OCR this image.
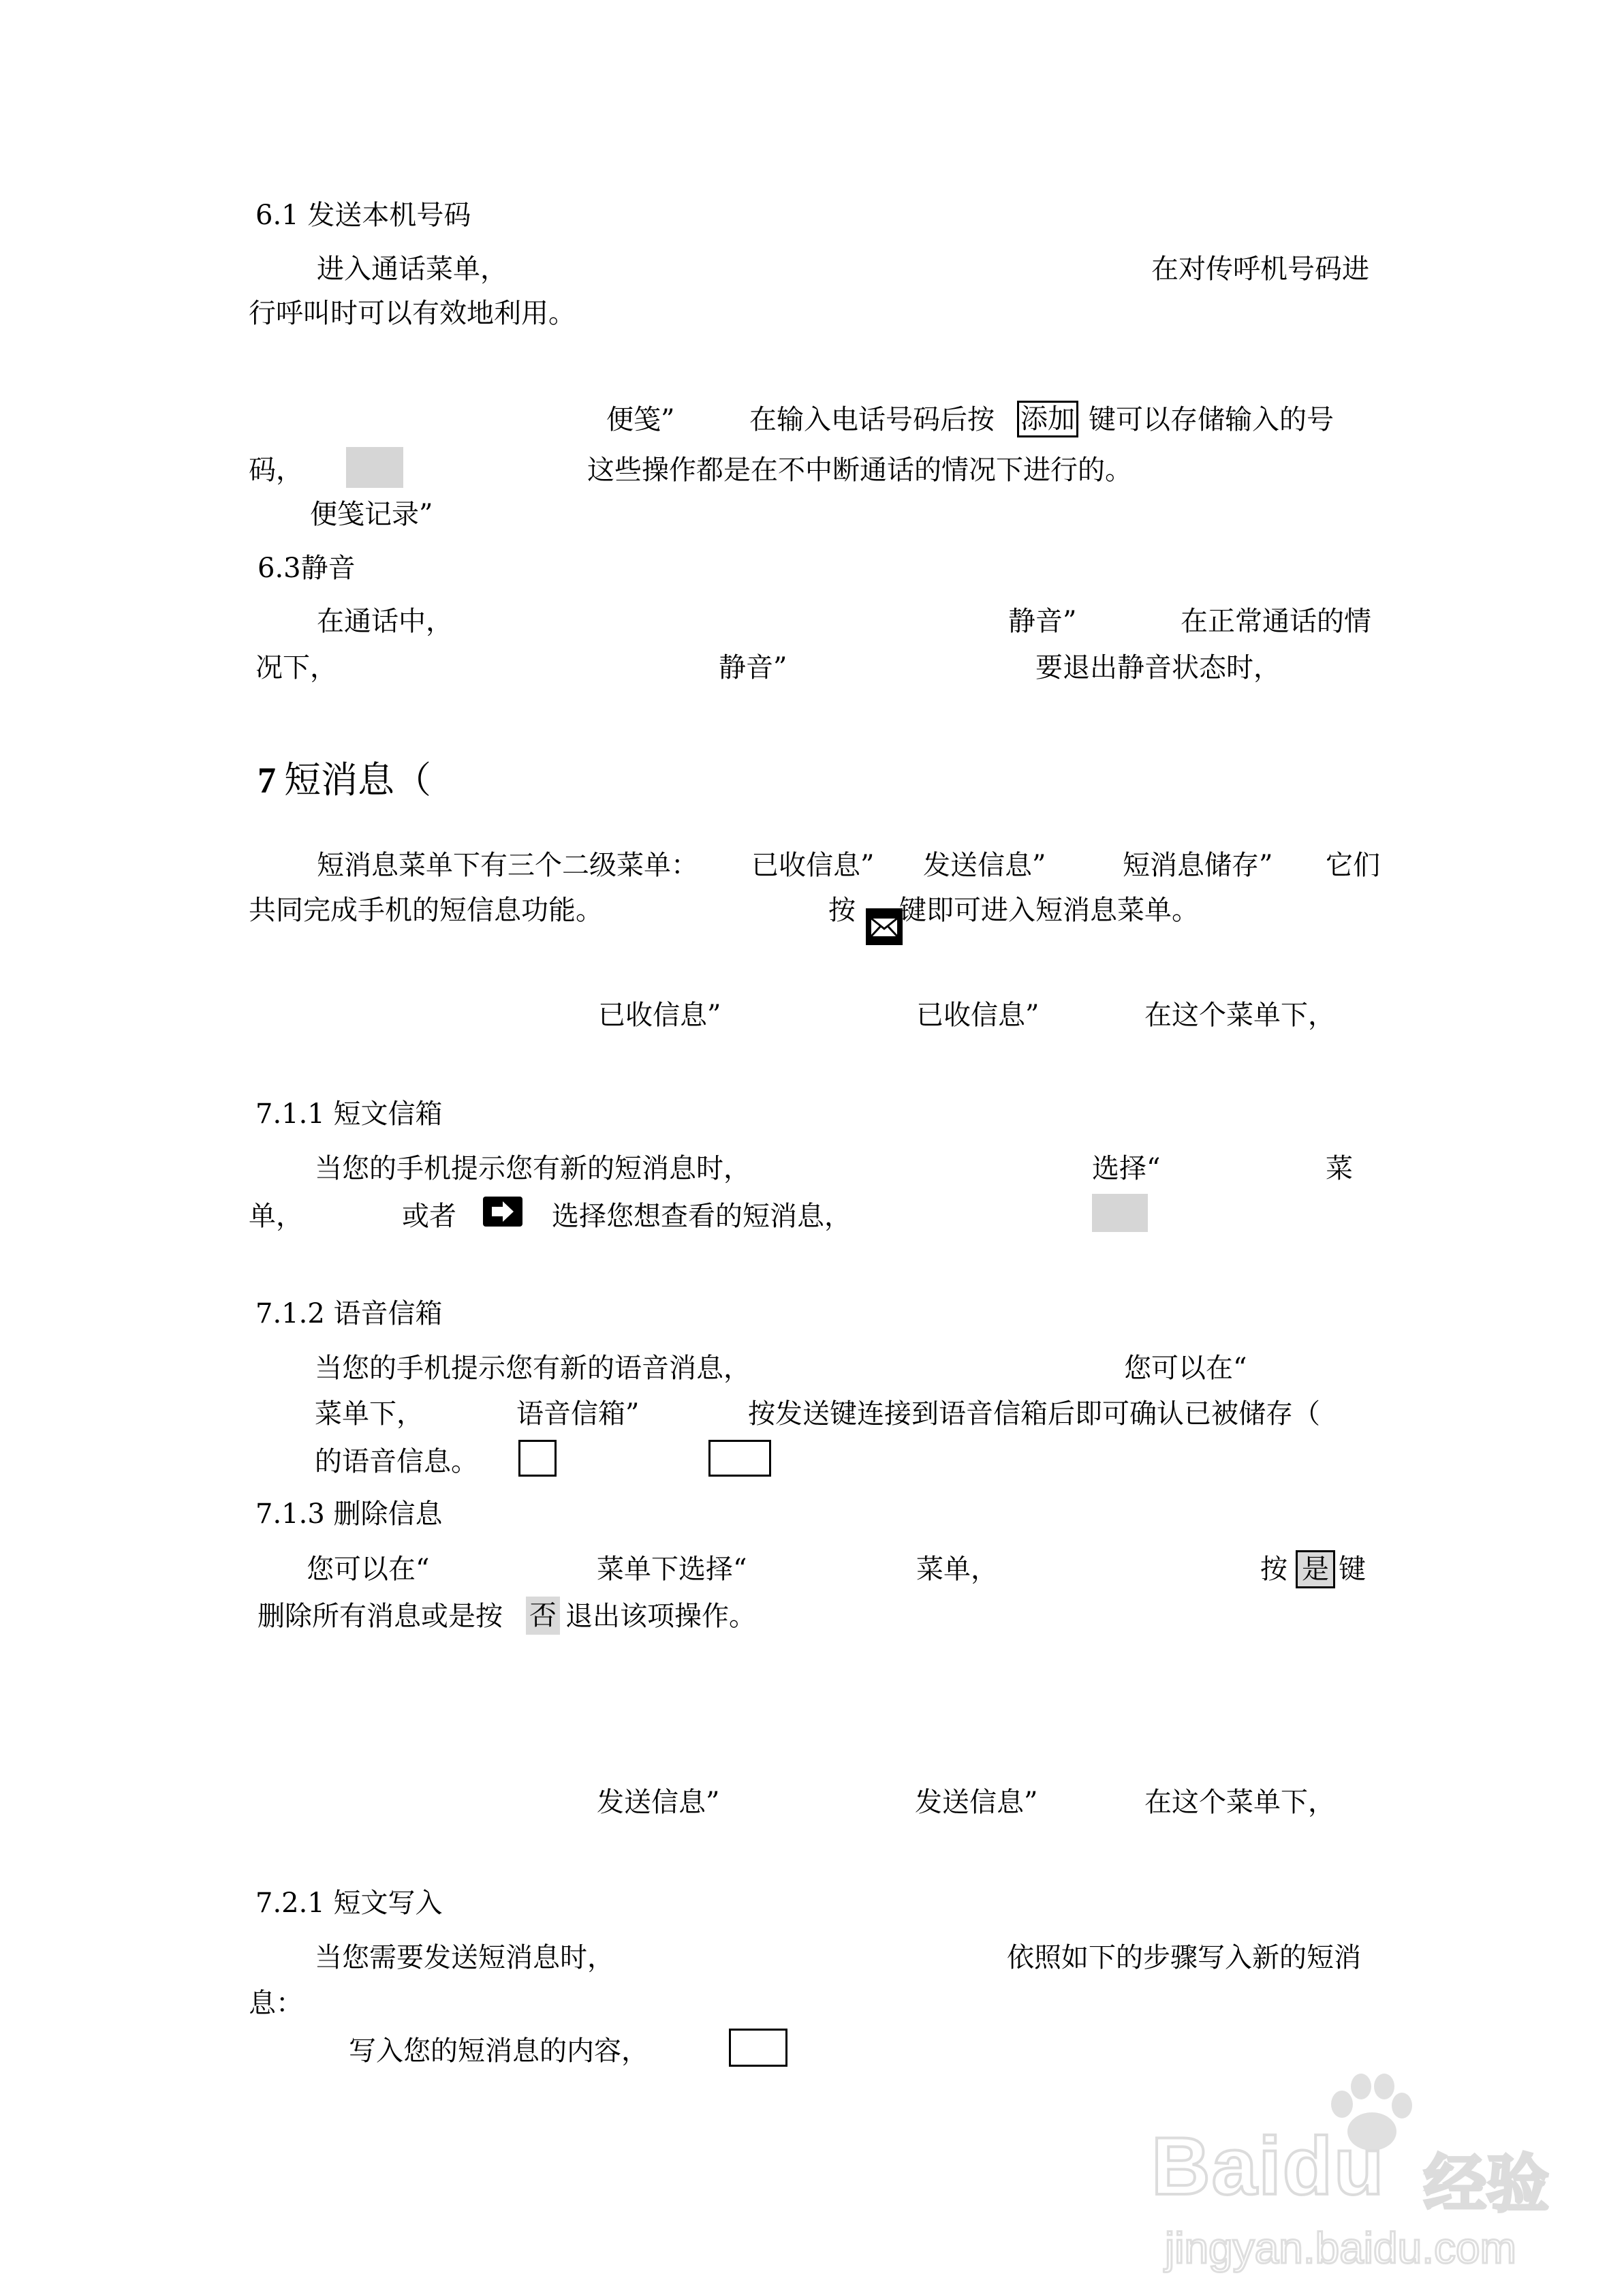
6.1 发送本机号码
进入通话菜单，	在对传呼机号码进
行呼叫时可以有效地利用。
便笺”	在输入电话号码后按 添加 键可以存储输入的号
码，	这些操作都是在不中断通话的情况下进行的。
便笺记录”
6.3静音
在通话中，	静音”	在正常通话的情
况下，	静音”	要退出静音状态时，
7 短消息（
短消息菜单下有三个二级菜单： 已收信息” 发送信息”	短消息储存” 它们
共同完成手机的短信息功能。	按 键即可进入短消息菜单。
已收信息”	已收信息”	在这个菜单下，
7.1.1 短文信箱
当您的手机提示您有新的短消息时，	选择“	菜
单，	或者	选择您想查看的短消息，
7.1.2 语音信箱
当您的手机提示您有新的语音消息，	您可以在“
菜单下，	语音信箱”	按发送键连接到语音信箱后即可确认已被储存（
的语音信息。
7.1.3 删除信息
您可以在“	菜单下选择“	菜单，	按 是 键
删除所有消息或是按 否 退出该项操作。
发送信息”	发送信息”	在这个菜单下，
7.2.1 短文写入
当您需要发送短消息时，	依照如下的步骤写入新的短消
息：
写入您的短消息的内容，
Baidu 经验
jingyan.baidu.com
